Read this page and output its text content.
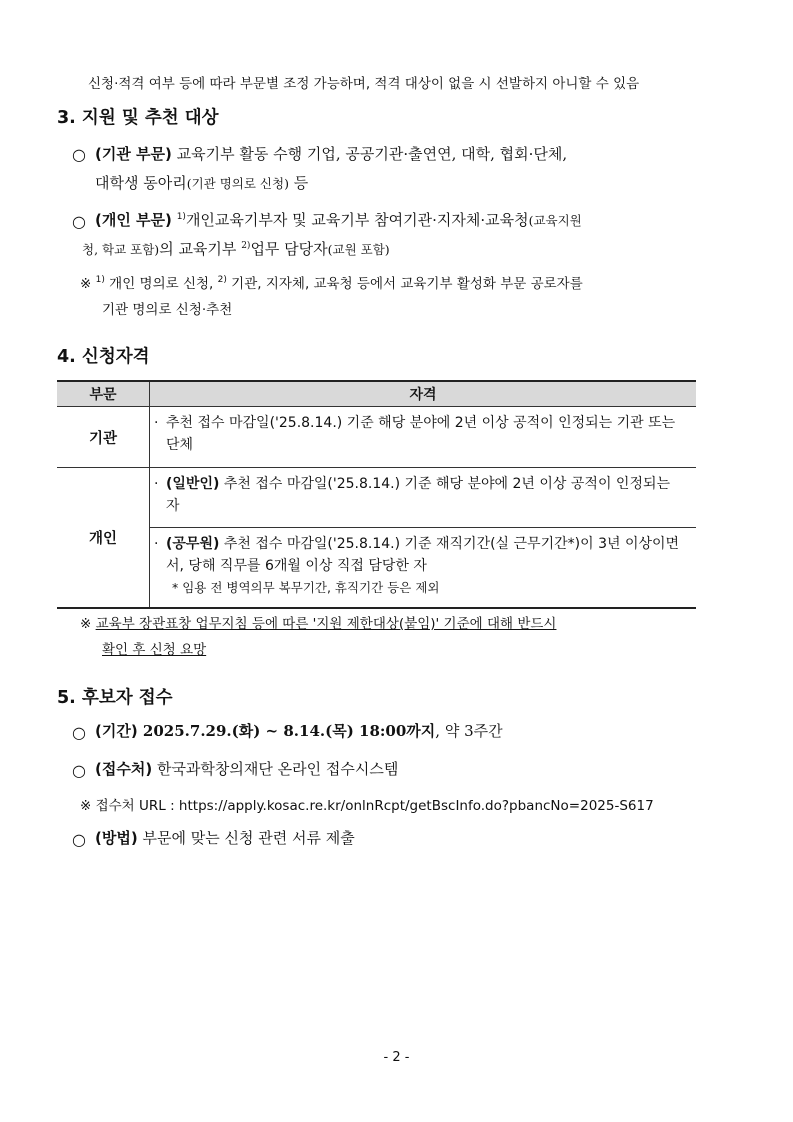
신청·적격 여부 등에 따라 부문별 조정 가능하며, 적격 대상이 없을 시 선발하지 아니할 수 있음
3. 지원 및 추천 대상
○ (기관 부문) 교육기부 활동 수행 기업, 공공기관·출연연, 대학, 협회·단체,
대학생 동아리(기관 명의로 신청) 등
○ (개인 부문) $^{1)}$개인교육기부자 및 교육기부 참여기관·지자체·교육청(교육지원
청, 학교 포함)의 교육기부 $^{2)}$업무 담당자(교원 포함)
※ $^{1)}$ 개인 명의로 신청, $^{2)}$ 기관, 지자체, 교육청 등에서 교육기부 활성화 부문 공로자를
기관 명의로 신청·추천
4. 신청자격
부문	자격
기관	· 추천 접수 마감일('25.8.14.) 기준 해당 분야에 2년 이상 공적이 인정되는 기관 또는 단체

개인	· (일반인) 추천 접수 마감일('25.8.14.) 기준 해당 분야에 2년 이상 공적이 인정되는 자

	· (공무원) 추천 접수 마감일('25.8.14.) 기준 재직기간(실 근무기간*)이 3년 이상이면서, 당해 직무를 6개월 이상 직접 담당한 자
* 임용 전 병역의무 복무기간, 휴직기간 등은 제외
※ 교육부 장관표창 업무지침 등에 따른 '지원 제한대상(붙임)' 기준에 대해 반드시
확인 후 신청 요망
5. 후보자 접수
○ (기간) 2025.7.29.(화) ~ 8.14.(목) 18:00까지, 약 3주간
○ (접수처) 한국과학창의재단 온라인 접수시스템
※ 접수처 URL : https://apply.kosac.re.kr/onlnRcpt/getBscInfo.do?pbancNo=2025-S617
○ (방법) 부문에 맞는 신청 관련 서류 제출
- 2 -
